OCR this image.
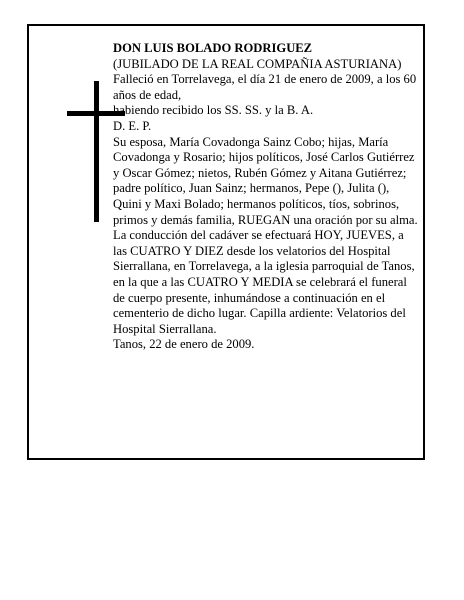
DON LUIS BOLADO RODRIGUEZ

(JUBILADO DE LA REAL COMPAÑIA ASTURIANA)

Falleció en Torrelavega, el día 21 de enero de 2009, a los 60 años de edad,

habiendo recibido los SS. SS. y la B. A.

D. E. P.

Su esposa, María Covadonga Sainz Cobo; hijas, María Covadonga y Rosario; hijos políticos, José Carlos Gutiérrez y Oscar Gómez; nietos, Rubén Gómez y Aitana Gutiérrez; padre político, Juan Sainz; hermanos, Pepe (), Julita (), Quini y Maxi Bolado; hermanos políticos, tíos, sobrinos, primos y demás familia, RUEGAN una oración por su alma. La conducción del cadáver se efectuará HOY, JUEVES, a las CUATRO Y DIEZ desde los velatorios del Hospital Sierrallana, en Torrelavega, a la iglesia parroquial de Tanos, en la que a las CUATRO Y MEDIA se celebrará el funeral de cuerpo presente, inhumándose a continuación en el cementerio de dicho lugar. Capilla ardiente: Velatorios del Hospital Sierrallana.

Tanos, 22 de enero de 2009.
